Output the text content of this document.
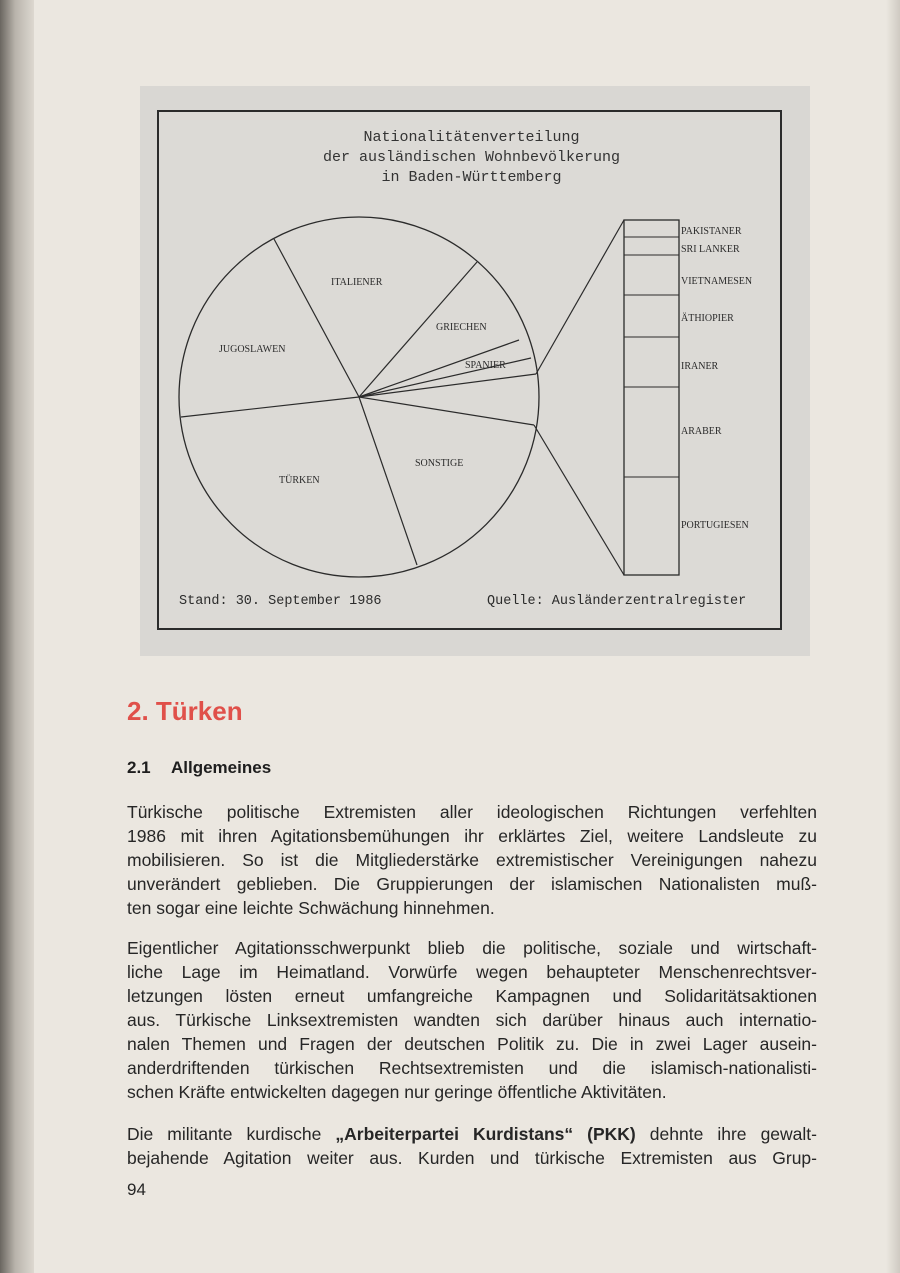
Nationalitätenverteilung
der ausländischen Wohnbevölkerung
in Baden-Württemberg
JUGOSLAWEN
ITALIENER
GRIECHEN
SPANIER
TÜRKEN
SONSTIGE
PAKISTANER
SRI LANKER
VIETNAMESEN
ÄTHIOPIER
IRANER
ARABER
PORTUGIESEN
Stand: 30. September 1986	Quelle: Ausländerzentralregister
2. Türken
2.1 Allgemeines
Türkische politische Extremisten aller ideologischen Richtungen verfehlten
1986 mit ihren Agitationsbemühungen ihr erklärtes Ziel, weitere Landsleute zu
mobilisieren. So ist die Mitgliederstärke extremistischer Vereinigungen nahezu
unverändert geblieben. Die Gruppierungen der islamischen Nationalisten muß-
ten sogar eine leichte Schwächung hinnehmen.
Eigentlicher Agitationsschwerpunkt blieb die politische, soziale und wirtschaft-
liche Lage im Heimatland. Vorwürfe wegen behaupteter Menschenrechtsver-
letzungen lösten erneut umfangreiche Kampagnen und Solidaritätsaktionen
aus. Türkische Linksextremisten wandten sich darüber hinaus auch internatio-
nalen Themen und Fragen der deutschen Politik zu. Die in zwei Lager ausein-
anderdriftenden türkischen Rechtsextremisten und die islamisch-nationalisti-
schen Kräfte entwickelten dagegen nur geringe öffentliche Aktivitäten.
Die militante kurdische „Arbeiterpartei Kurdistans“ (PKK) dehnte ihre gewalt-
bejahende Agitation weiter aus. Kurden und türkische Extremisten aus Grup-
94
